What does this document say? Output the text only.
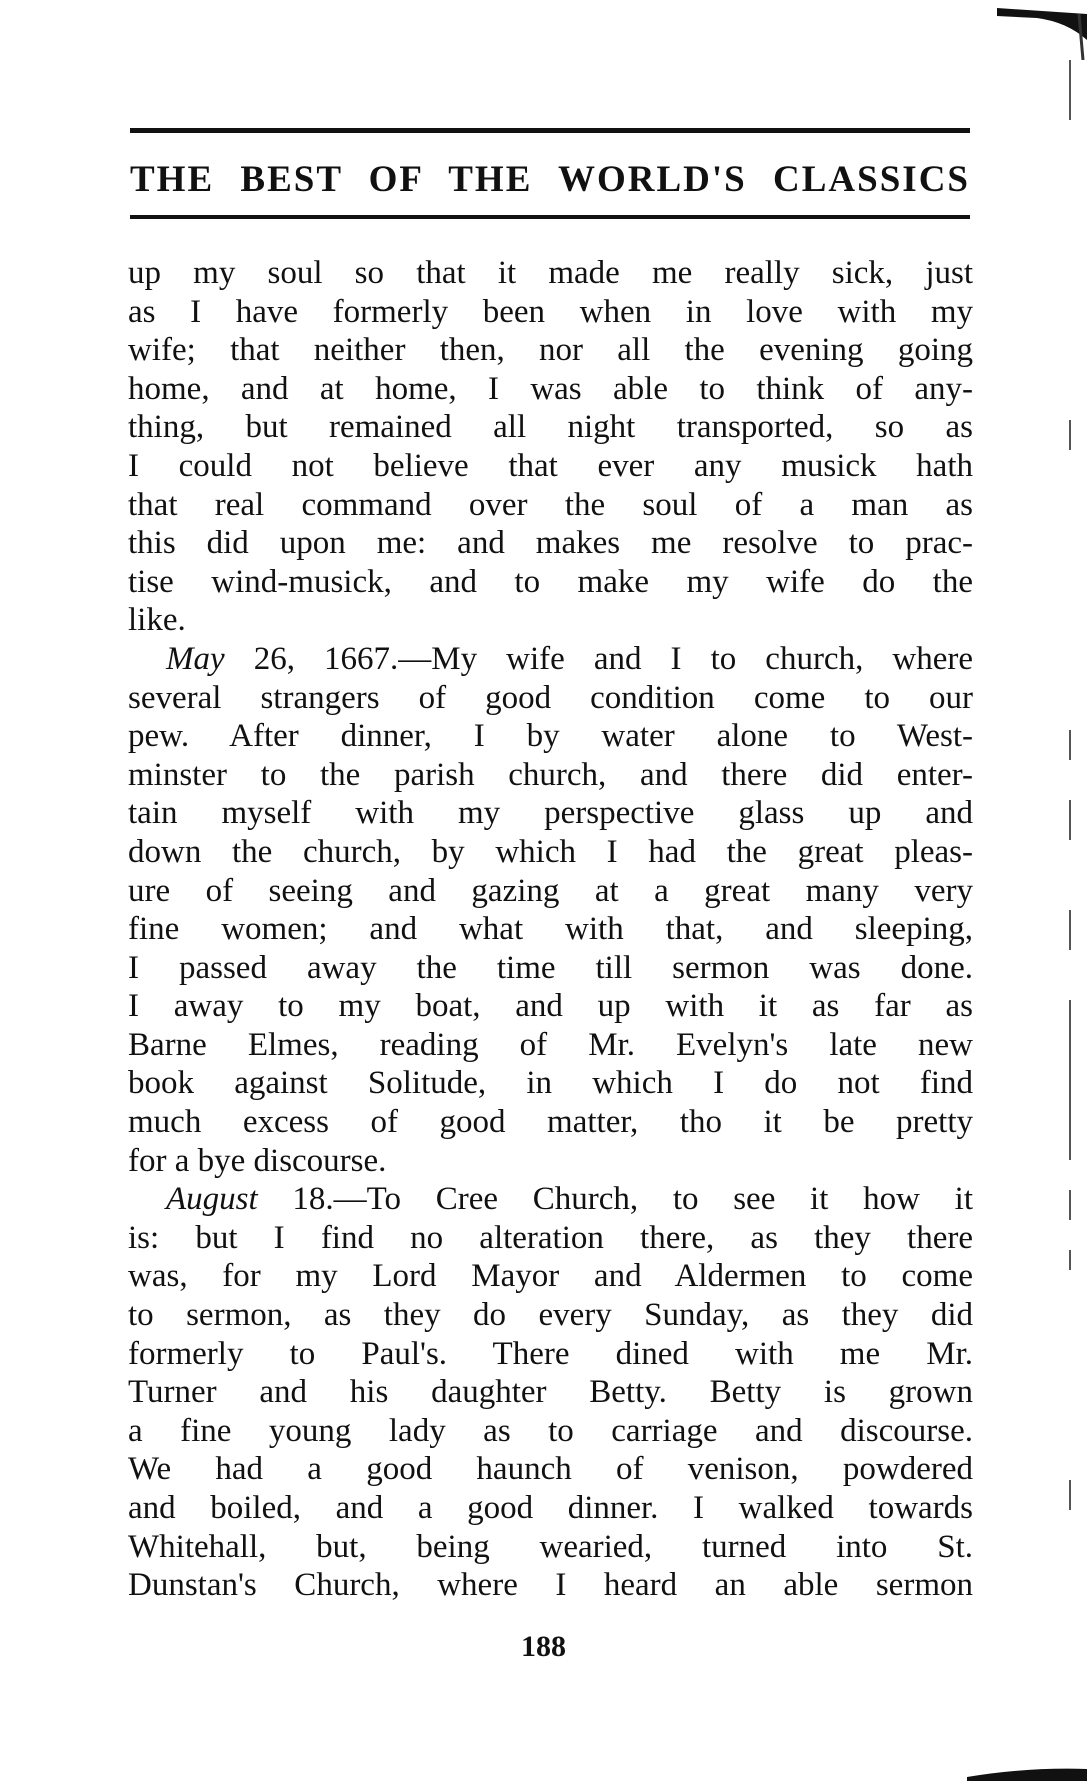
THE BEST OF THE WORLD'S CLASSICS
up my soul so that it made me really sick, just
as I have formerly been when in love with my
wife; that neither then, nor all the evening going
home, and at home, I was able to think of any-
thing, but remained all night transported, so as
I could not believe that ever any musick hath
that real command over the soul of a man as
this did upon me: and makes me resolve to prac-
tise wind-musick, and to make my wife do the
like.
May 26, 1667.—My wife and I to church, where
several strangers of good condition come to our
pew. After dinner, I by water alone to West-
minster to the parish church, and there did enter-
tain myself with my perspective glass up and
down the church, by which I had the great pleas-
ure of seeing and gazing at a great many very
fine women; and what with that, and sleeping,
I passed away the time till sermon was done.
I away to my boat, and up with it as far as
Barne Elmes, reading of Mr. Evelyn's late new
book against Solitude, in which I do not find
much excess of good matter, tho it be pretty
for a bye discourse.
August 18.—To Cree Church, to see it how it
is: but I find no alteration there, as they there
was, for my Lord Mayor and Aldermen to come
to sermon, as they do every Sunday, as they did
formerly to Paul's. There dined with me Mr.
Turner and his daughter Betty. Betty is grown
a fine young lady as to carriage and discourse.
We had a good haunch of venison, powdered
and boiled, and a good dinner. I walked towards
Whitehall, but, being wearied, turned into St.
Dunstan's Church, where I heard an able sermon
188
